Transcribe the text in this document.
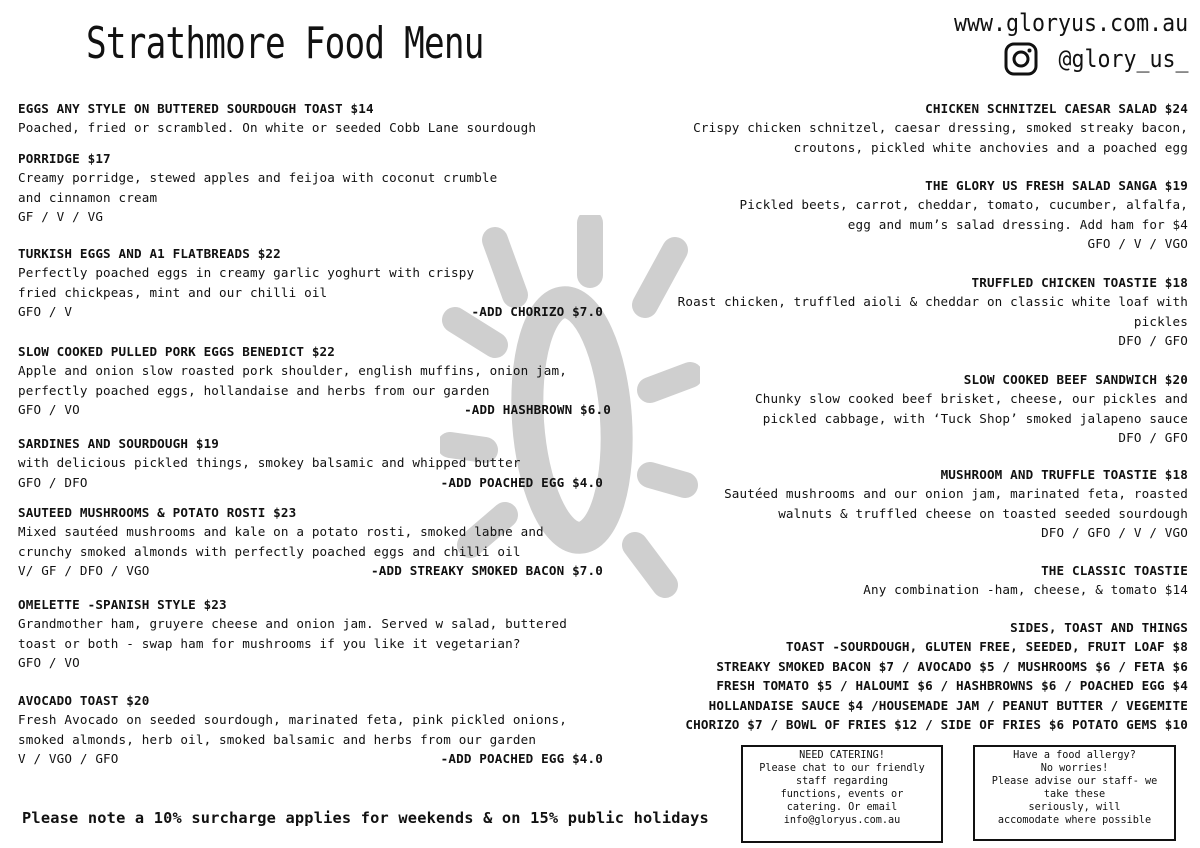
Strathmore Food Menu	www.gloryus.com.au
@glory_us_
EGGS ANY STYLE ON BUTTERED SOURDOUGH TOAST $14
Poached, fried or scrambled. On white or seeded Cobb Lane sourdough
PORRIDGE $17
Creamy porridge, stewed apples and feijoa with coconut crumble
and cinnamon cream
GF / V / VG
TURKISH EGGS AND A1 FLATBREADS $22
Perfectly poached eggs in creamy garlic yoghurt with crispy
fried chickpeas, mint and our chilli oil
GFO / V	-ADD CHORIZO $7.0
SLOW COOKED PULLED PORK EGGS BENEDICT $22
Apple and onion slow roasted pork shoulder, english muffins, onion jam,
perfectly poached eggs, hollandaise and herbs from our garden
GFO / VO	-ADD HASHBROWN $6.0
SARDINES AND SOURDOUGH $19
with delicious pickled things, smokey balsamic and whipped butter
GFO / DFO	-ADD POACHED EGG $4.0
SAUTEED MUSHROOMS & POTATO ROSTI $23
Mixed sautéed mushrooms and kale on a potato rosti, smoked labne and
crunchy smoked almonds with perfectly poached eggs and chilli oil
V/ GF / DFO / VGO	-ADD STREAKY SMOKED BACON $7.0
OMELETTE -SPANISH STYLE $23
Grandmother ham, gruyere cheese and onion jam. Served w salad, buttered
toast or both - swap ham for mushrooms if you like it vegetarian?
GFO / VO
AVOCADO TOAST $20
Fresh Avocado on seeded sourdough, marinated feta, pink pickled onions,
smoked almonds, herb oil, smoked balsamic and herbs from our garden
V / VGO / GFO	-ADD POACHED EGG $4.0
CHICKEN SCHNITZEL CAESAR SALAD $24
Crispy chicken schnitzel, caesar dressing, smoked streaky bacon,
croutons, pickled white anchovies and a poached egg
THE GLORY US FRESH SALAD SANGA $19
Pickled beets, carrot, cheddar, tomato, cucumber, alfalfa,
egg and mum’s salad dressing. Add ham for $4
GFO / V / VGO
TRUFFLED CHICKEN TOASTIE $18
Roast chicken, truffled aioli & cheddar on classic white loaf with
pickles
DFO / GFO
SLOW COOKED BEEF SANDWICH $20
Chunky slow cooked beef brisket, cheese, our pickles and
pickled cabbage, with ‘Tuck Shop’ smoked jalapeno sauce
DFO / GFO
MUSHROOM AND TRUFFLE TOASTIE $18
Sautéed mushrooms and our onion jam, marinated feta, roasted
walnuts & truffled cheese on toasted seeded sourdough
DFO / GFO / V / VGO
THE CLASSIC TOASTIE
Any combination -ham, cheese, & tomato $14
SIDES, TOAST AND THINGS
TOAST -SOURDOUGH, GLUTEN FREE, SEEDED, FRUIT LOAF $8
STREAKY SMOKED BACON $7 / AVOCADO $5 / MUSHROOMS $6 / FETA $6
FRESH TOMATO $5 / HALOUMI $6 / HASHBROWNS $6 / POACHED EGG $4
HOLLANDAISE SAUCE $4 /HOUSEMADE JAM / PEANUT BUTTER / VEGEMITE
CHORIZO $7 / BOWL OF FRIES $12 / SIDE OF FRIES $6 POTATO GEMS $10
NEED CATERING!
Please chat to our friendly
staff regarding
functions, events or
catering. Or email
info@gloryus.com.au
Have a food allergy?
No worries!
Please advise our staff- we
take these
seriously, will
accomodate where possible
Please note a 10% surcharge applies for weekends & on 15% public holidays
